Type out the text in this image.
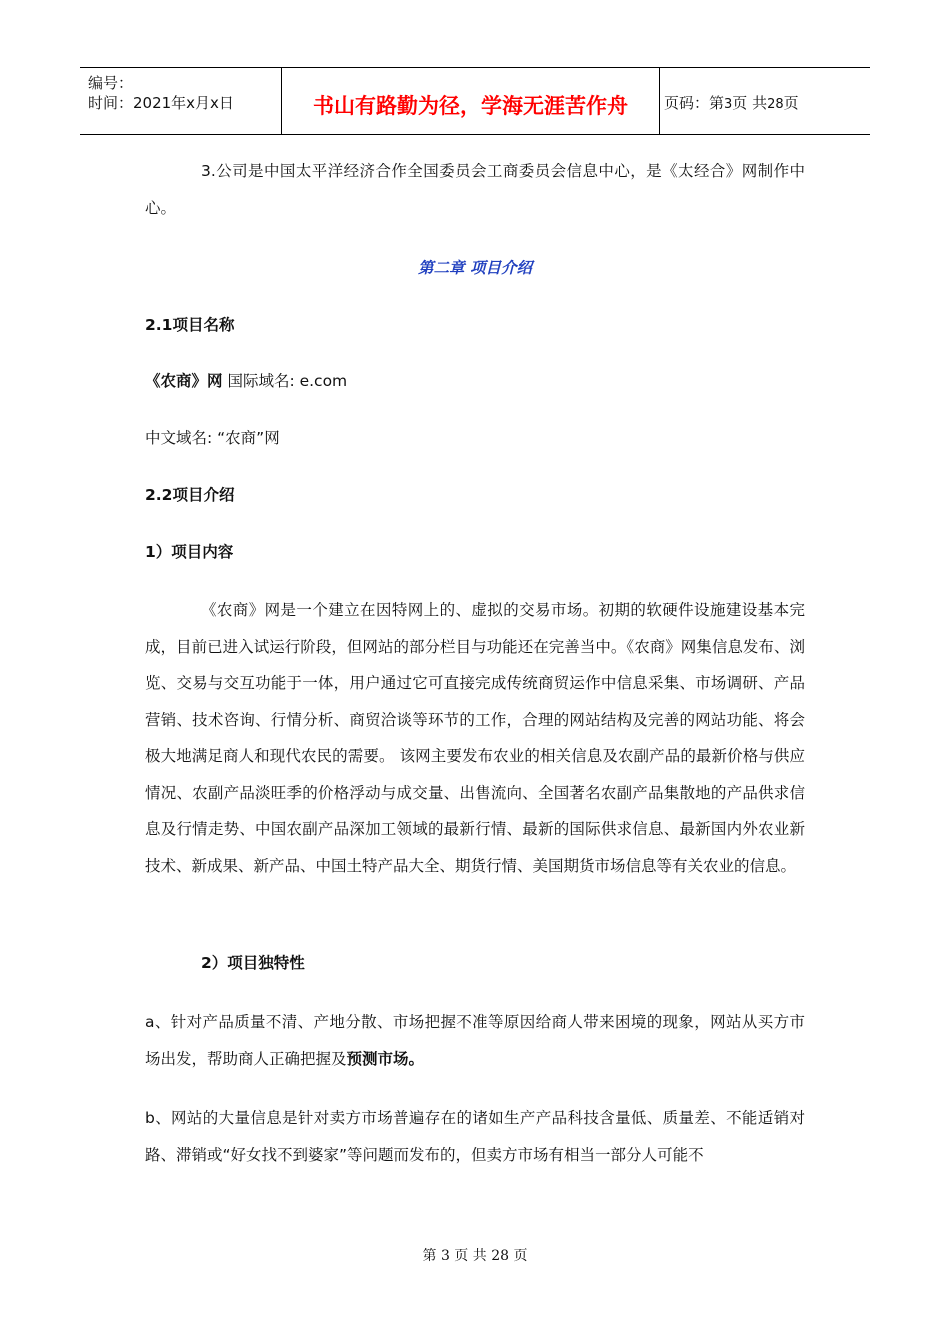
编号：
时间：2021年x月x日	书山有路勤为径，学海无涯苦作舟	页码：第3页 共28页
3.公司是中国太平洋经济合作全国委员会工商委员会信息中心，是《太经合》网制作中心。
第二章 项目介绍
2.1项目名称
《农商》网 国际域名: e.com
中文域名: “农商”网
2.2项目介绍
1）项目内容
《农商》网是一个建立在因特网上的、虚拟的交易市场。初期的软硬件设施建设基本完成，目前已进入试运行阶段，但网站的部分栏目与功能还在完善当中。《农商》网集信息发布、浏览、交易与交互功能于一体，用户通过它可直接完成传统商贸运作中信息采集、市场调研、产品营销、技术咨询、行情分析、商贸洽谈等环节的工作，合理的网站结构及完善的网站功能、将会极大地满足商人和现代农民的需要。 该网主要发布农业的相关信息及农副产品的最新价格与供应情况、农副产品淡旺季的价格浮动与成交量、出售流向、全国著名农副产品集散地的产品供求信息及行情走势、中国农副产品深加工领域的最新行情、最新的国际供求信息、最新国内外农业新技术、新成果、新产品、中国土特产品大全、期货行情、美国期货市场信息等有关农业的信息。
2）项目独特性
a、针对产品质量不清、产地分散、市场把握不准等原因给商人带来困境的现象，网站从买方市场出发，帮助商人正确把握及预测市场。
b、网站的大量信息是针对卖方市场普遍存在的诸如生产产品科技含量低、质量差、不能适销对路、滞销或“好女找不到婆家”等问题而发布的，但卖方市场有相当一部分人可能不
第 3 页 共 28 页
